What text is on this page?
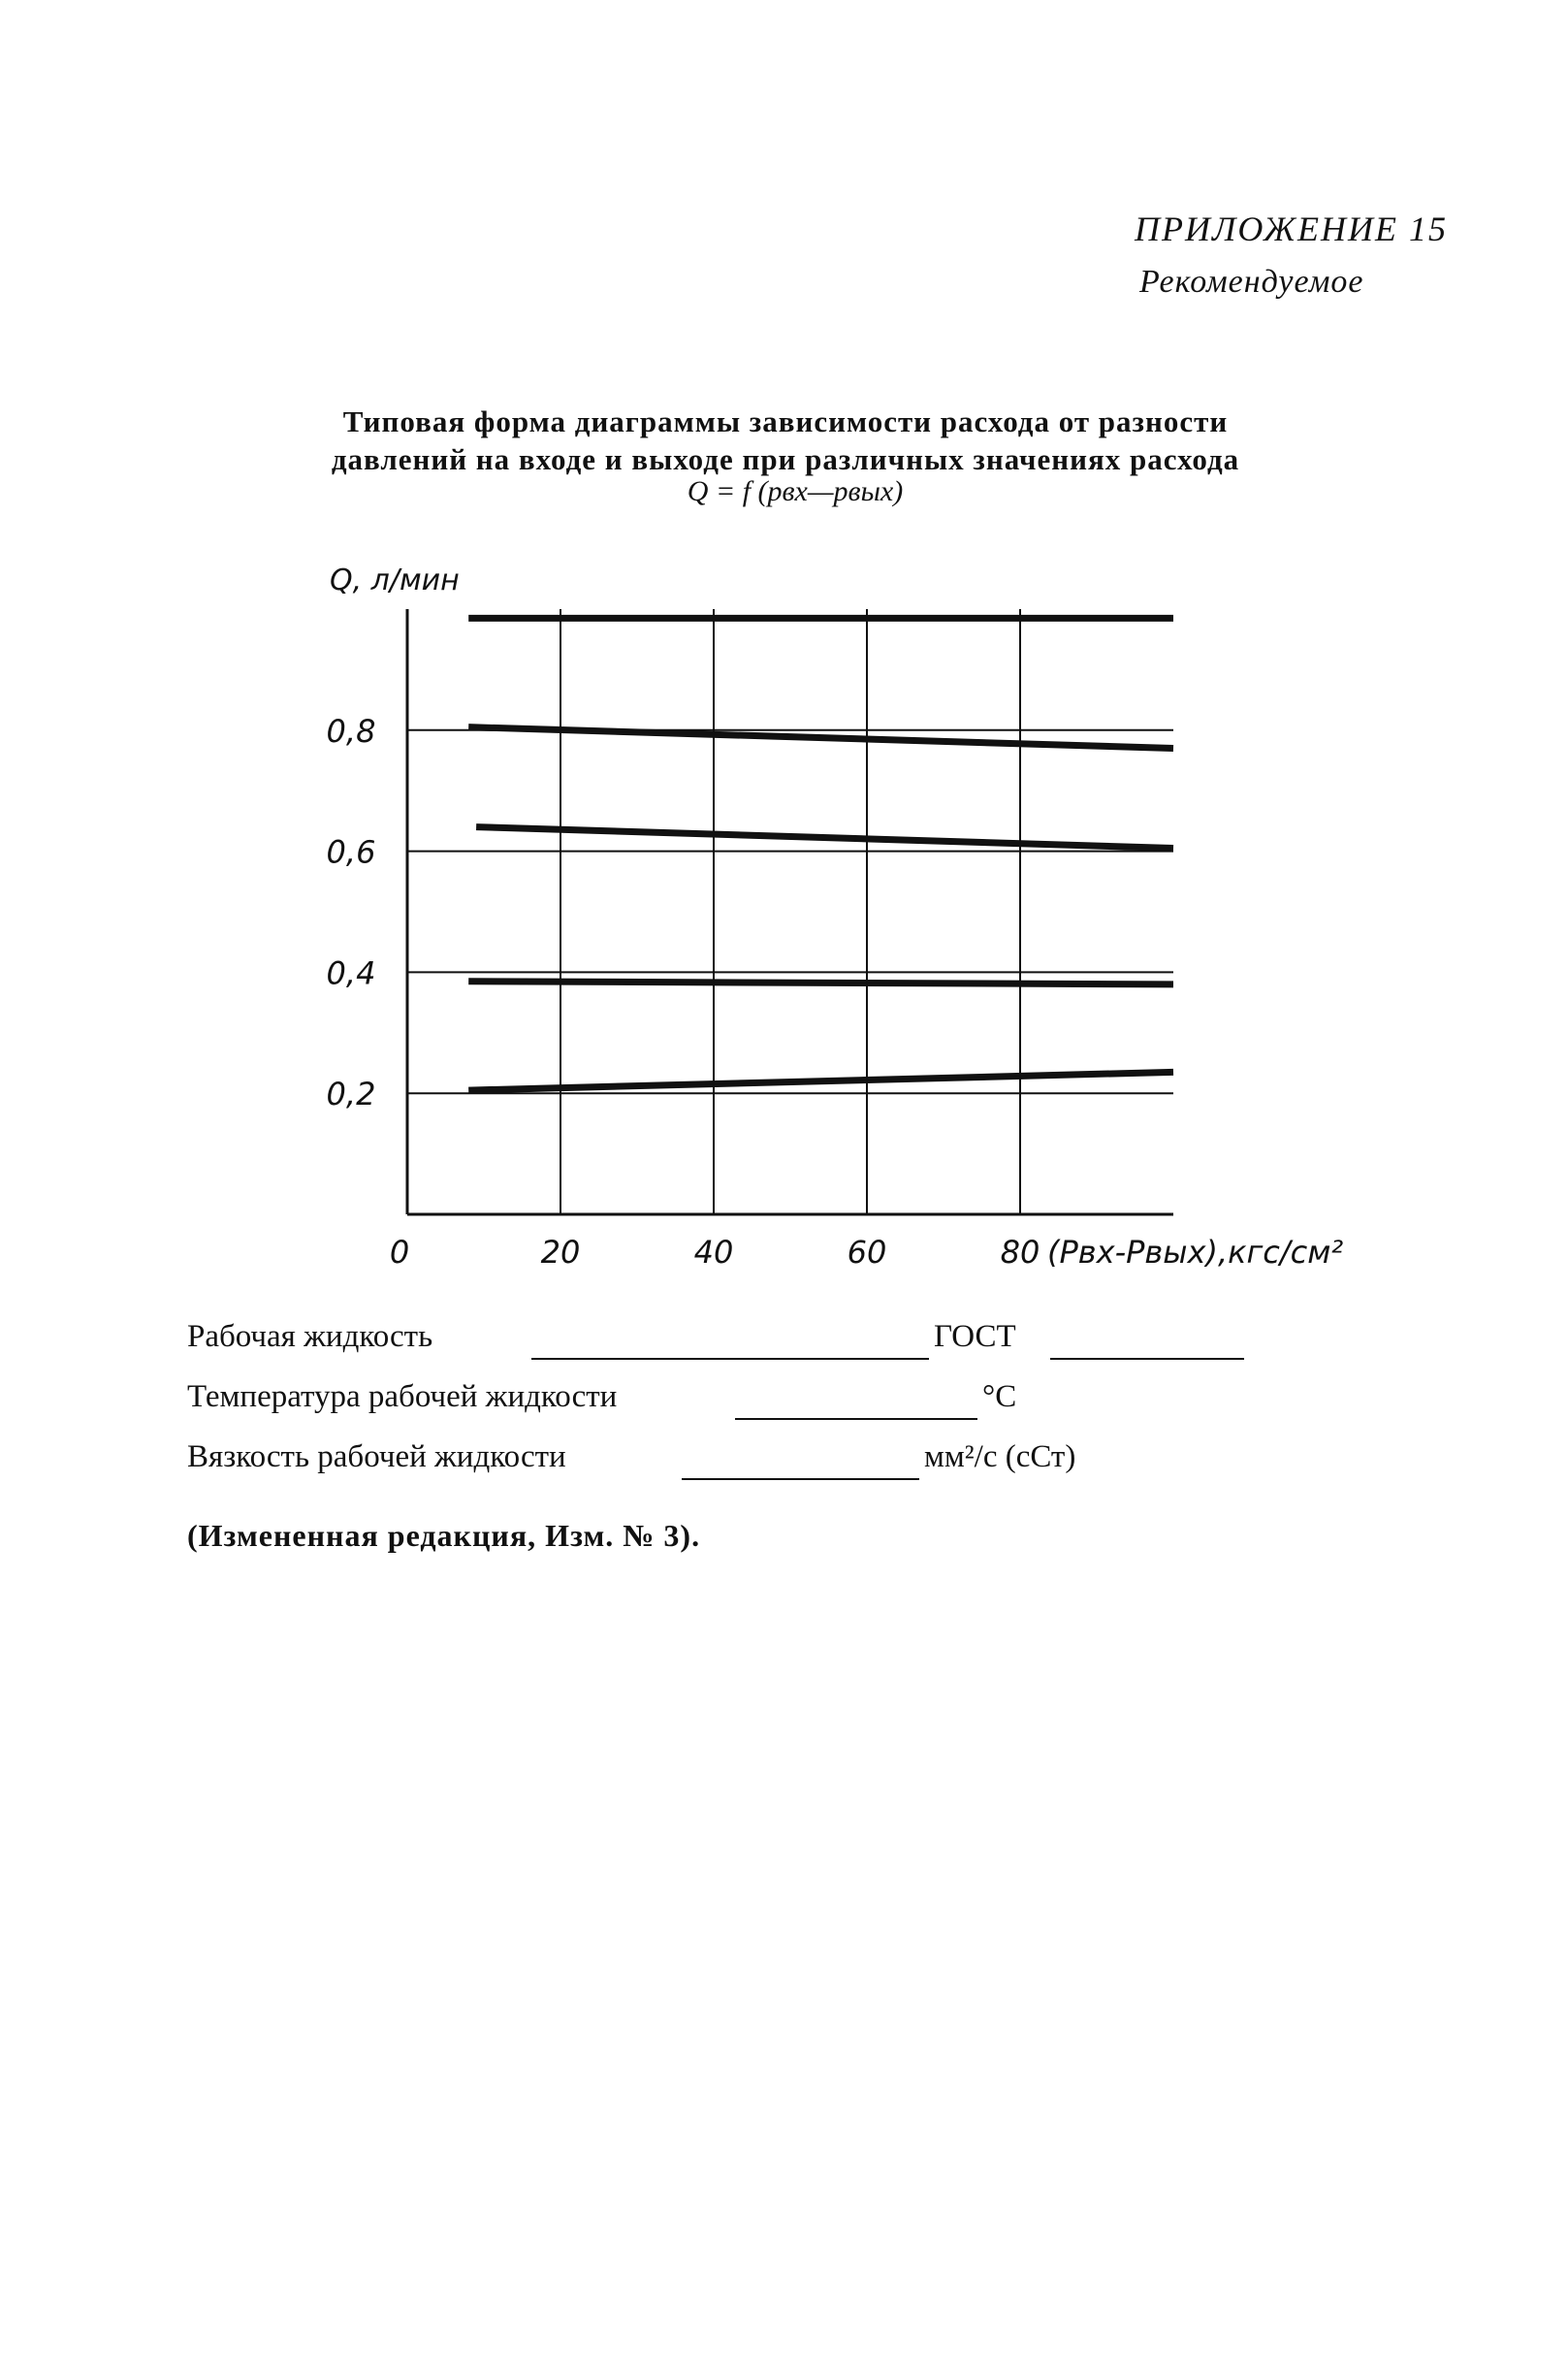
ПРИЛОЖЕНИЕ 15
Рекомендуемое
Типовая форма диаграммы зависимости расхода от разности
давлений на входе и выходе при различных значениях расхода
Q = f (pвх—pвых)
0,2
0,4
0,6
0,8
20	40	60	80
0
Q, л/мин
(Pвх-Pвых),кгс/см²
Рабочая жидкость	ГОСТ
Температура рабочей жидкости	°С
Вязкость рабочей жидкости	мм²/с (сСт)
(Измененная редакция, Изм. № 3).
